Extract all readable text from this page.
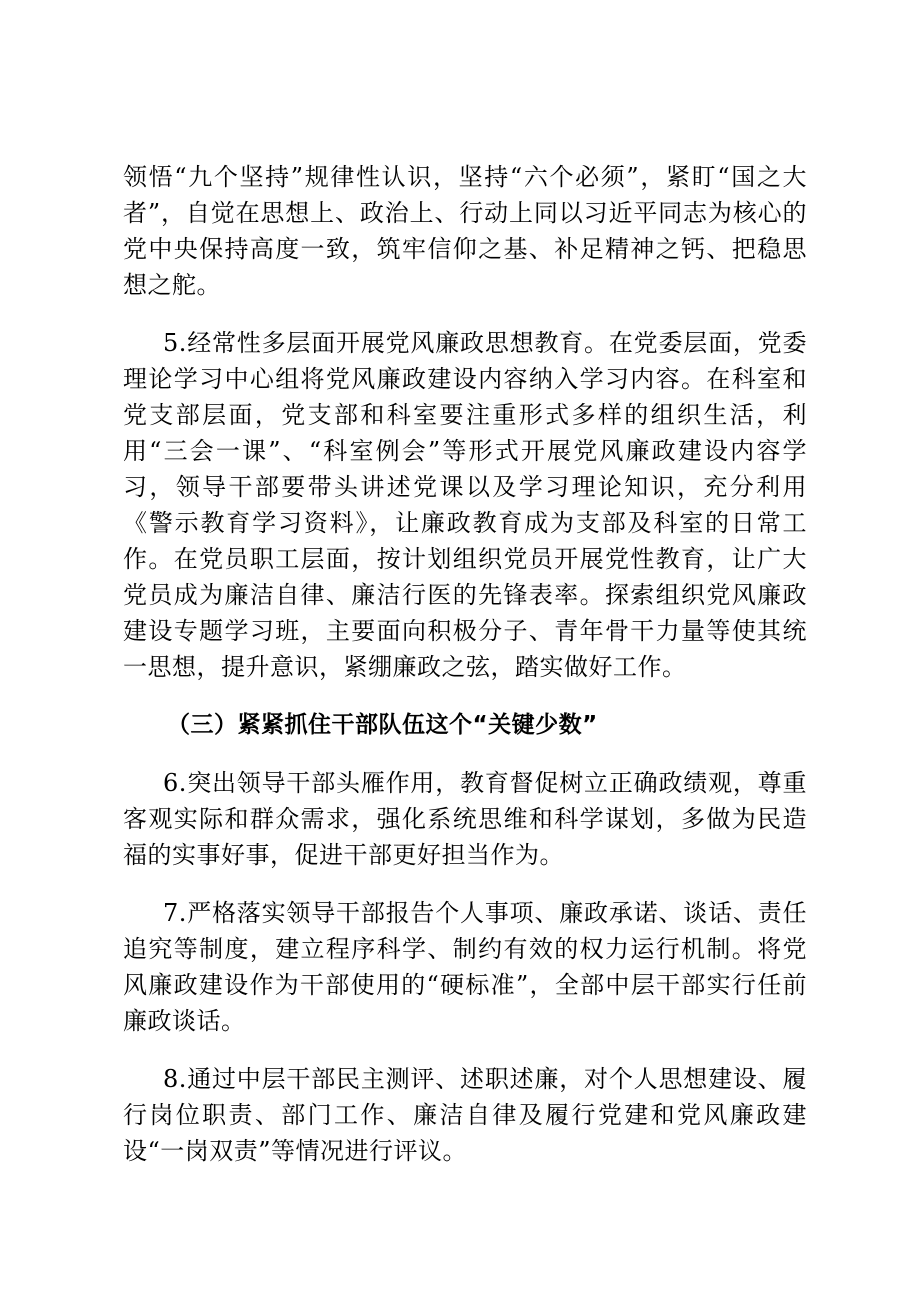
领悟“九个坚持”规律性认识，坚持“六个必须”，紧盯“国之大者”，自觉在思想上、政治上、行动上同以习近平同志为核心的党中央保持高度一致，筑牢信仰之基、补足精神之钙、把稳思想之舵。

5.经常性多层面开展党风廉政思想教育。在党委层面，党委理论学习中心组将党风廉政建设内容纳入学习内容。在科室和党支部层面，党支部和科室要注重形式多样的组织生活，利用“三会一课”、“科室例会”等形式开展党风廉政建设内容学习，领导干部要带头讲述党课以及学习理论知识，充分利用《警示教育学习资料》，让廉政教育成为支部及科室的日常工作。在党员职工层面，按计划组织党员开展党性教育，让广大党员成为廉洁自律、廉洁行医的先锋表率。探索组织党风廉政建设专题学习班，主要面向积极分子、青年骨干力量等使其统一思想，提升意识，紧绷廉政之弦，踏实做好工作。

（三）紧紧抓住干部队伍这个“关键少数”

6.突出领导干部头雁作用，教育督促树立正确政绩观，尊重客观实际和群众需求，强化系统思维和科学谋划，多做为民造福的实事好事，促进干部更好担当作为。

7.严格落实领导干部报告个人事项、廉政承诺、谈话、责任追究等制度，建立程序科学、制约有效的权力运行机制。将党风廉政建设作为干部使用的“硬标准”，全部中层干部实行任前廉政谈话。

8.通过中层干部民主测评、述职述廉，对个人思想建设、履行岗位职责、部门工作、廉洁自律及履行党建和党风廉政建设“一岗双责”等情况进行评议。
